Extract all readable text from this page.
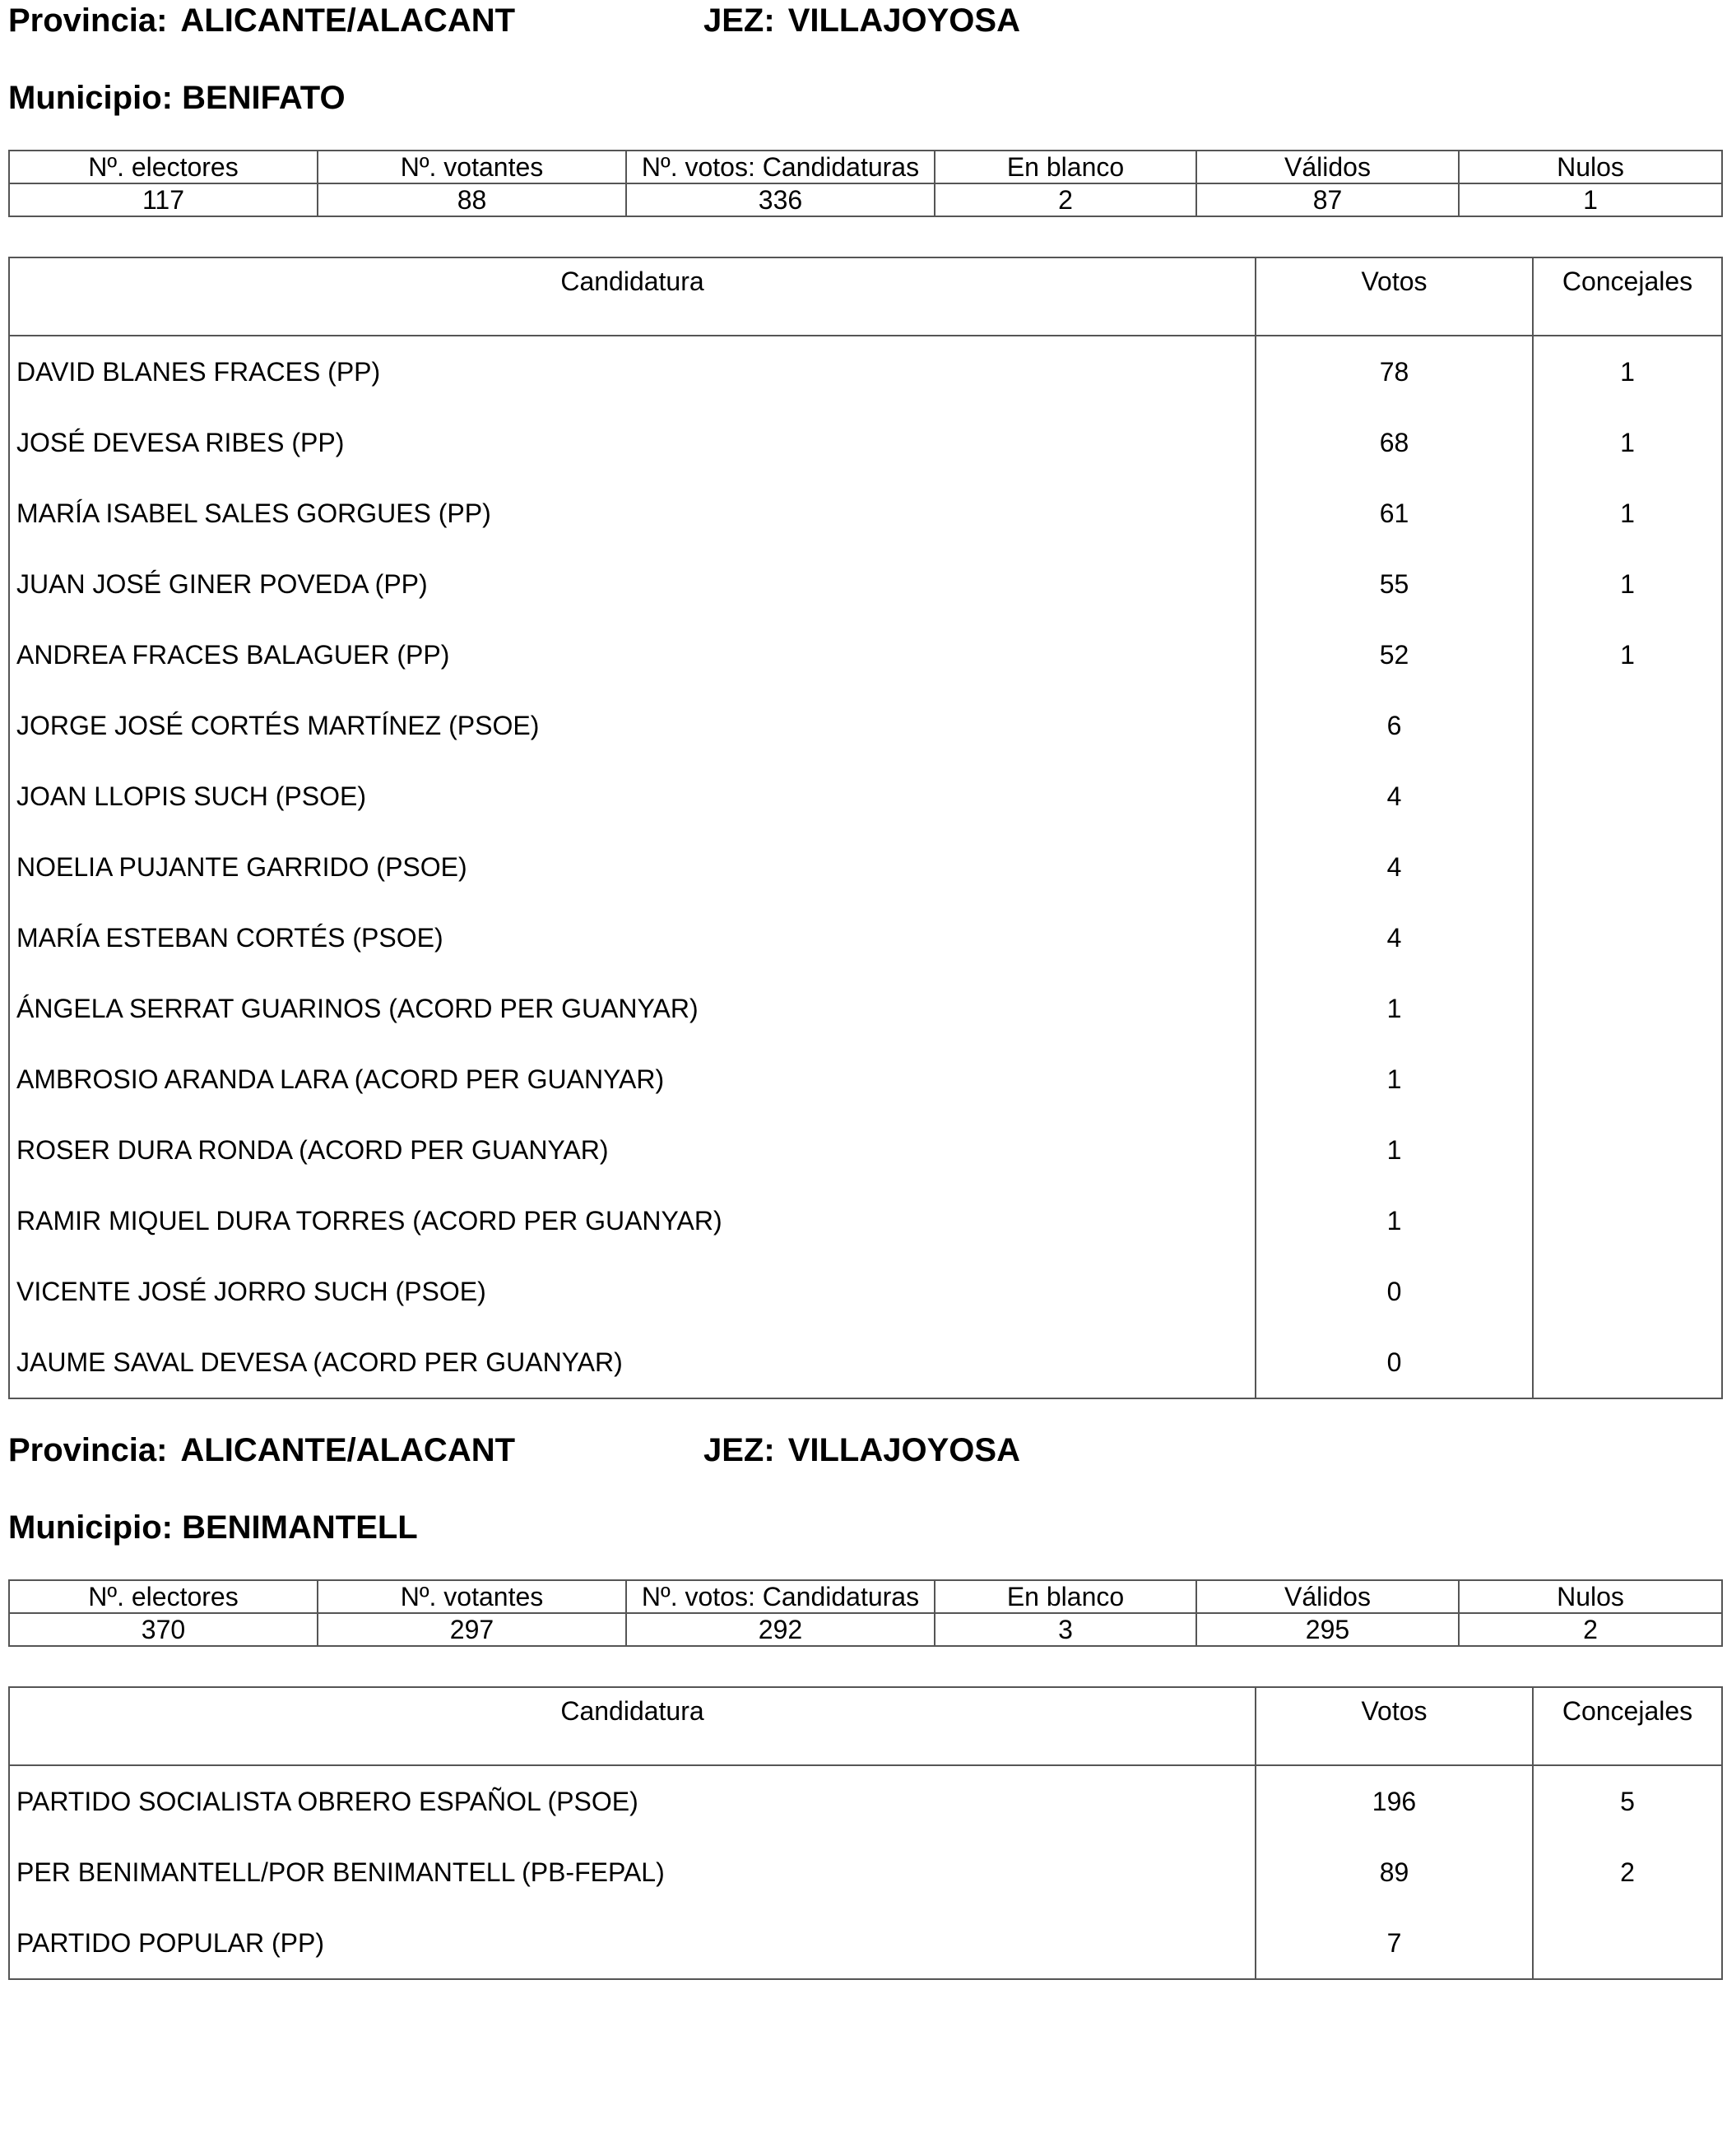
Provincia: ALICANTE/ALACANT	JEZ: VILLAJOYOSA
Municipio: BENIFATO
Nº. electores	Nº. votantes	Nº. votos: Candidaturas	En blanco	Válidos	Nulos
117	88	336	2	87	1
Candidatura	Votos	Concejales
DAVID BLANES FRACES (PP)	78	1
JOSÉ DEVESA RIBES (PP)	68	1
MARÍA ISABEL SALES GORGUES (PP)	61	1
JUAN JOSÉ GINER POVEDA (PP)	55	1
ANDREA FRACES BALAGUER (PP)	52	1
JORGE JOSÉ CORTÉS MARTÍNEZ (PSOE)	6	
JOAN LLOPIS SUCH (PSOE)	4	
NOELIA PUJANTE GARRIDO (PSOE)	4	
MARÍA ESTEBAN CORTÉS (PSOE)	4	
ÁNGELA SERRAT GUARINOS (ACORD PER GUANYAR)	1	
AMBROSIO ARANDA LARA (ACORD PER GUANYAR)	1	
ROSER DURA RONDA (ACORD PER GUANYAR)	1	
RAMIR MIQUEL DURA TORRES (ACORD PER GUANYAR)	1	
VICENTE JOSÉ JORRO SUCH (PSOE)	0	
JAUME SAVAL DEVESA (ACORD PER GUANYAR)	0	
Provincia: ALICANTE/ALACANT	JEZ: VILLAJOYOSA
Municipio: BENIMANTELL
Nº. electores	Nº. votantes	Nº. votos: Candidaturas	En blanco	Válidos	Nulos
370	297	292	3	295	2
Candidatura	Votos	Concejales
PARTIDO SOCIALISTA OBRERO ESPAÑOL (PSOE)	196	5
PER BENIMANTELL/POR BENIMANTELL (PB-FEPAL)	89	2
PARTIDO POPULAR (PP)	7	
